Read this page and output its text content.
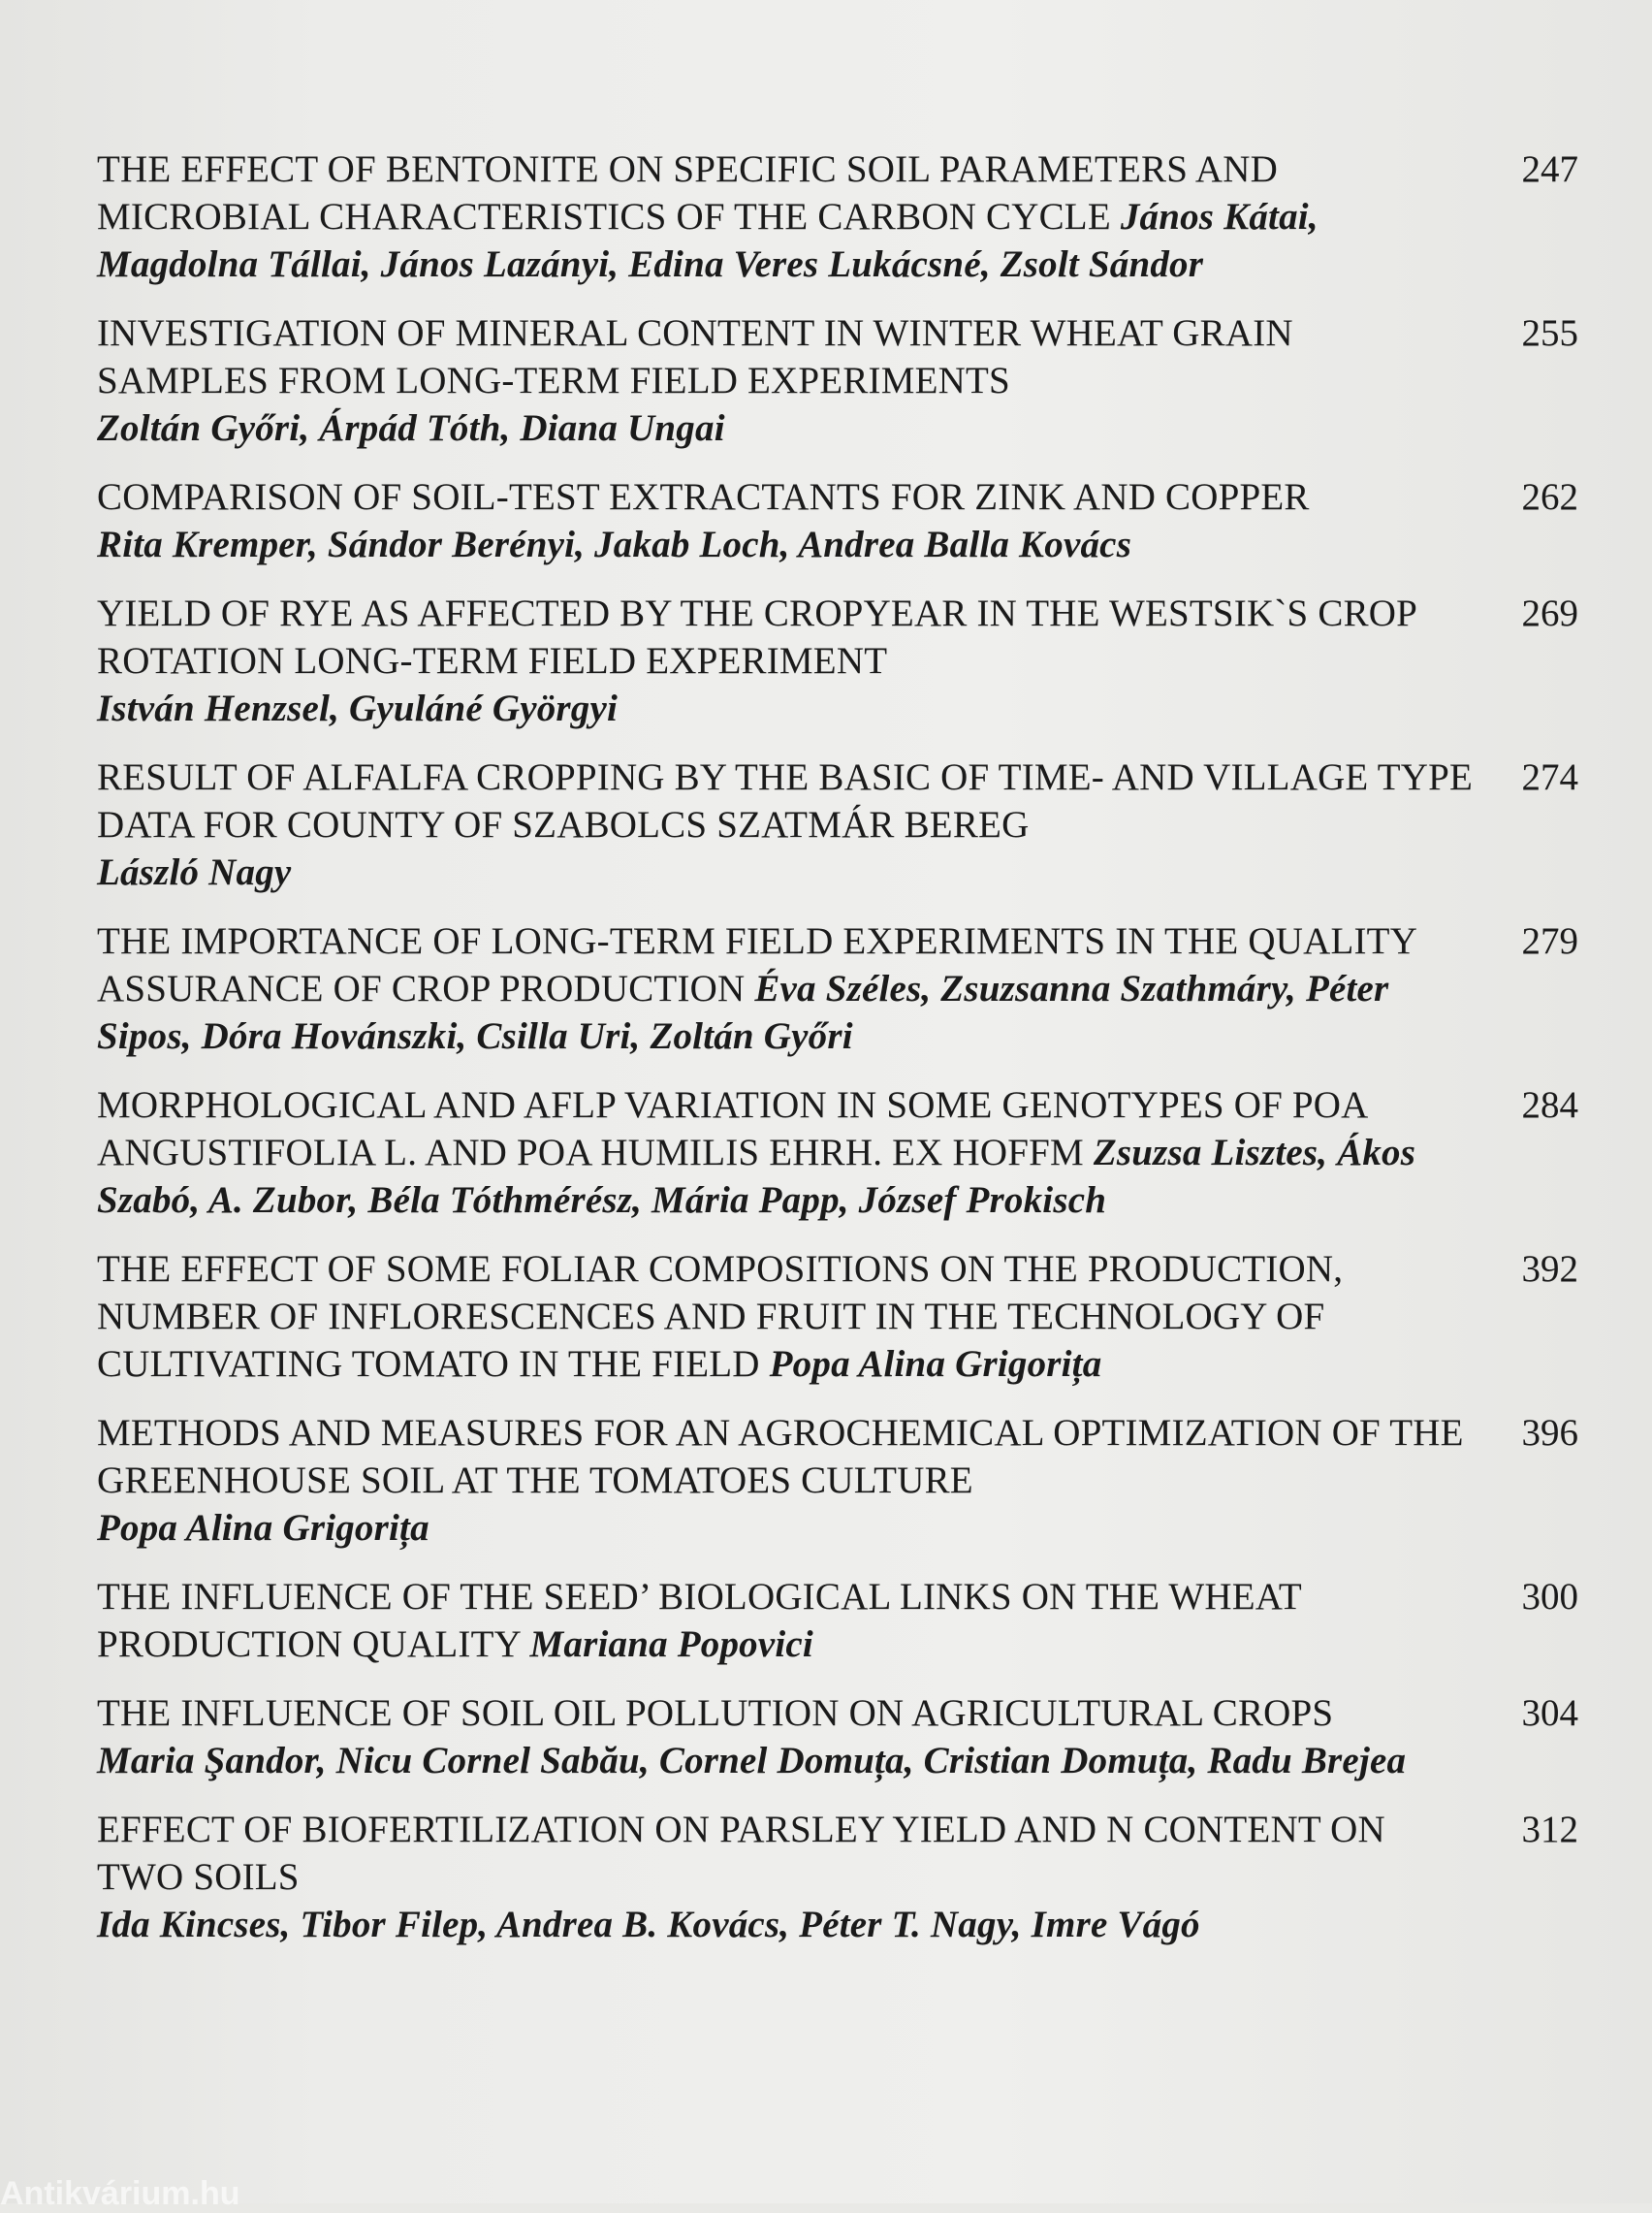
THE EFFECT OF BENTONITE ON SPECIFIC SOIL PARAMETERS AND MICROBIAL CHARACTERISTICS OF THE CARBON CYCLE János Kátai, Magdolna Tállai, János Lazányi, Edina Veres Lukácsné, Zsolt Sándor
247
INVESTIGATION OF MINERAL CONTENT IN WINTER WHEAT GRAIN SAMPLES FROM LONG-TERM FIELD EXPERIMENTS
Zoltán Győri, Árpád Tóth, Diana Ungai
255
COMPARISON OF SOIL-TEST EXTRACTANTS FOR ZINK AND COPPER
Rita Kremper, Sándor Berényi, Jakab Loch, Andrea Balla Kovács
262
YIELD OF RYE AS AFFECTED BY THE CROPYEAR IN THE WESTSIK`S CROP ROTATION LONG-TERM FIELD EXPERIMENT
István Henzsel, Gyuláné Györgyi
269
RESULT OF ALFALFA CROPPING BY THE BASIC OF TIME- AND VILLAGE TYPE DATA FOR COUNTY OF SZABOLCS SZATMÁR BEREG
László Nagy
274
THE IMPORTANCE OF LONG-TERM FIELD EXPERIMENTS IN THE QUALITY ASSURANCE OF CROP PRODUCTION Éva Széles, Zsuzsanna Szathmáry, Péter Sipos, Dóra Hovánszki, Csilla Uri, Zoltán Győri
279
MORPHOLOGICAL AND AFLP VARIATION IN SOME GENOTYPES OF POA ANGUSTIFOLIA L. AND POA HUMILIS EHRH. EX HOFFM Zsuzsa Lisztes, Ákos Szabó, A. Zubor, Béla Tóthmérész, Mária Papp, József Prokisch
284
THE EFFECT OF SOME FOLIAR COMPOSITIONS ON THE PRODUCTION, NUMBER OF INFLORESCENCES AND FRUIT IN THE TECHNOLOGY OF CULTIVATING TOMATO IN THE FIELD Popa Alina Grigorița
392
METHODS AND MEASURES FOR AN AGROCHEMICAL OPTIMIZATION OF THE GREENHOUSE SOIL AT THE TOMATOES CULTURE
Popa Alina Grigorița
396
THE INFLUENCE OF THE SEED’ BIOLOGICAL LINKS ON THE WHEAT PRODUCTION QUALITY Mariana Popovici
300
THE INFLUENCE OF SOIL OIL POLLUTION ON AGRICULTURAL CROPS
Maria Şandor, Nicu Cornel Sabău, Cornel Domuța, Cristian Domuța, Radu Brejea
304
EFFECT OF BIOFERTILIZATION ON PARSLEY YIELD AND N CONTENT ON TWO SOILS
Ida Kincses, Tibor Filep, Andrea B. Kovács, Péter T. Nagy, Imre Vágó
312
Antikvárium.hu
